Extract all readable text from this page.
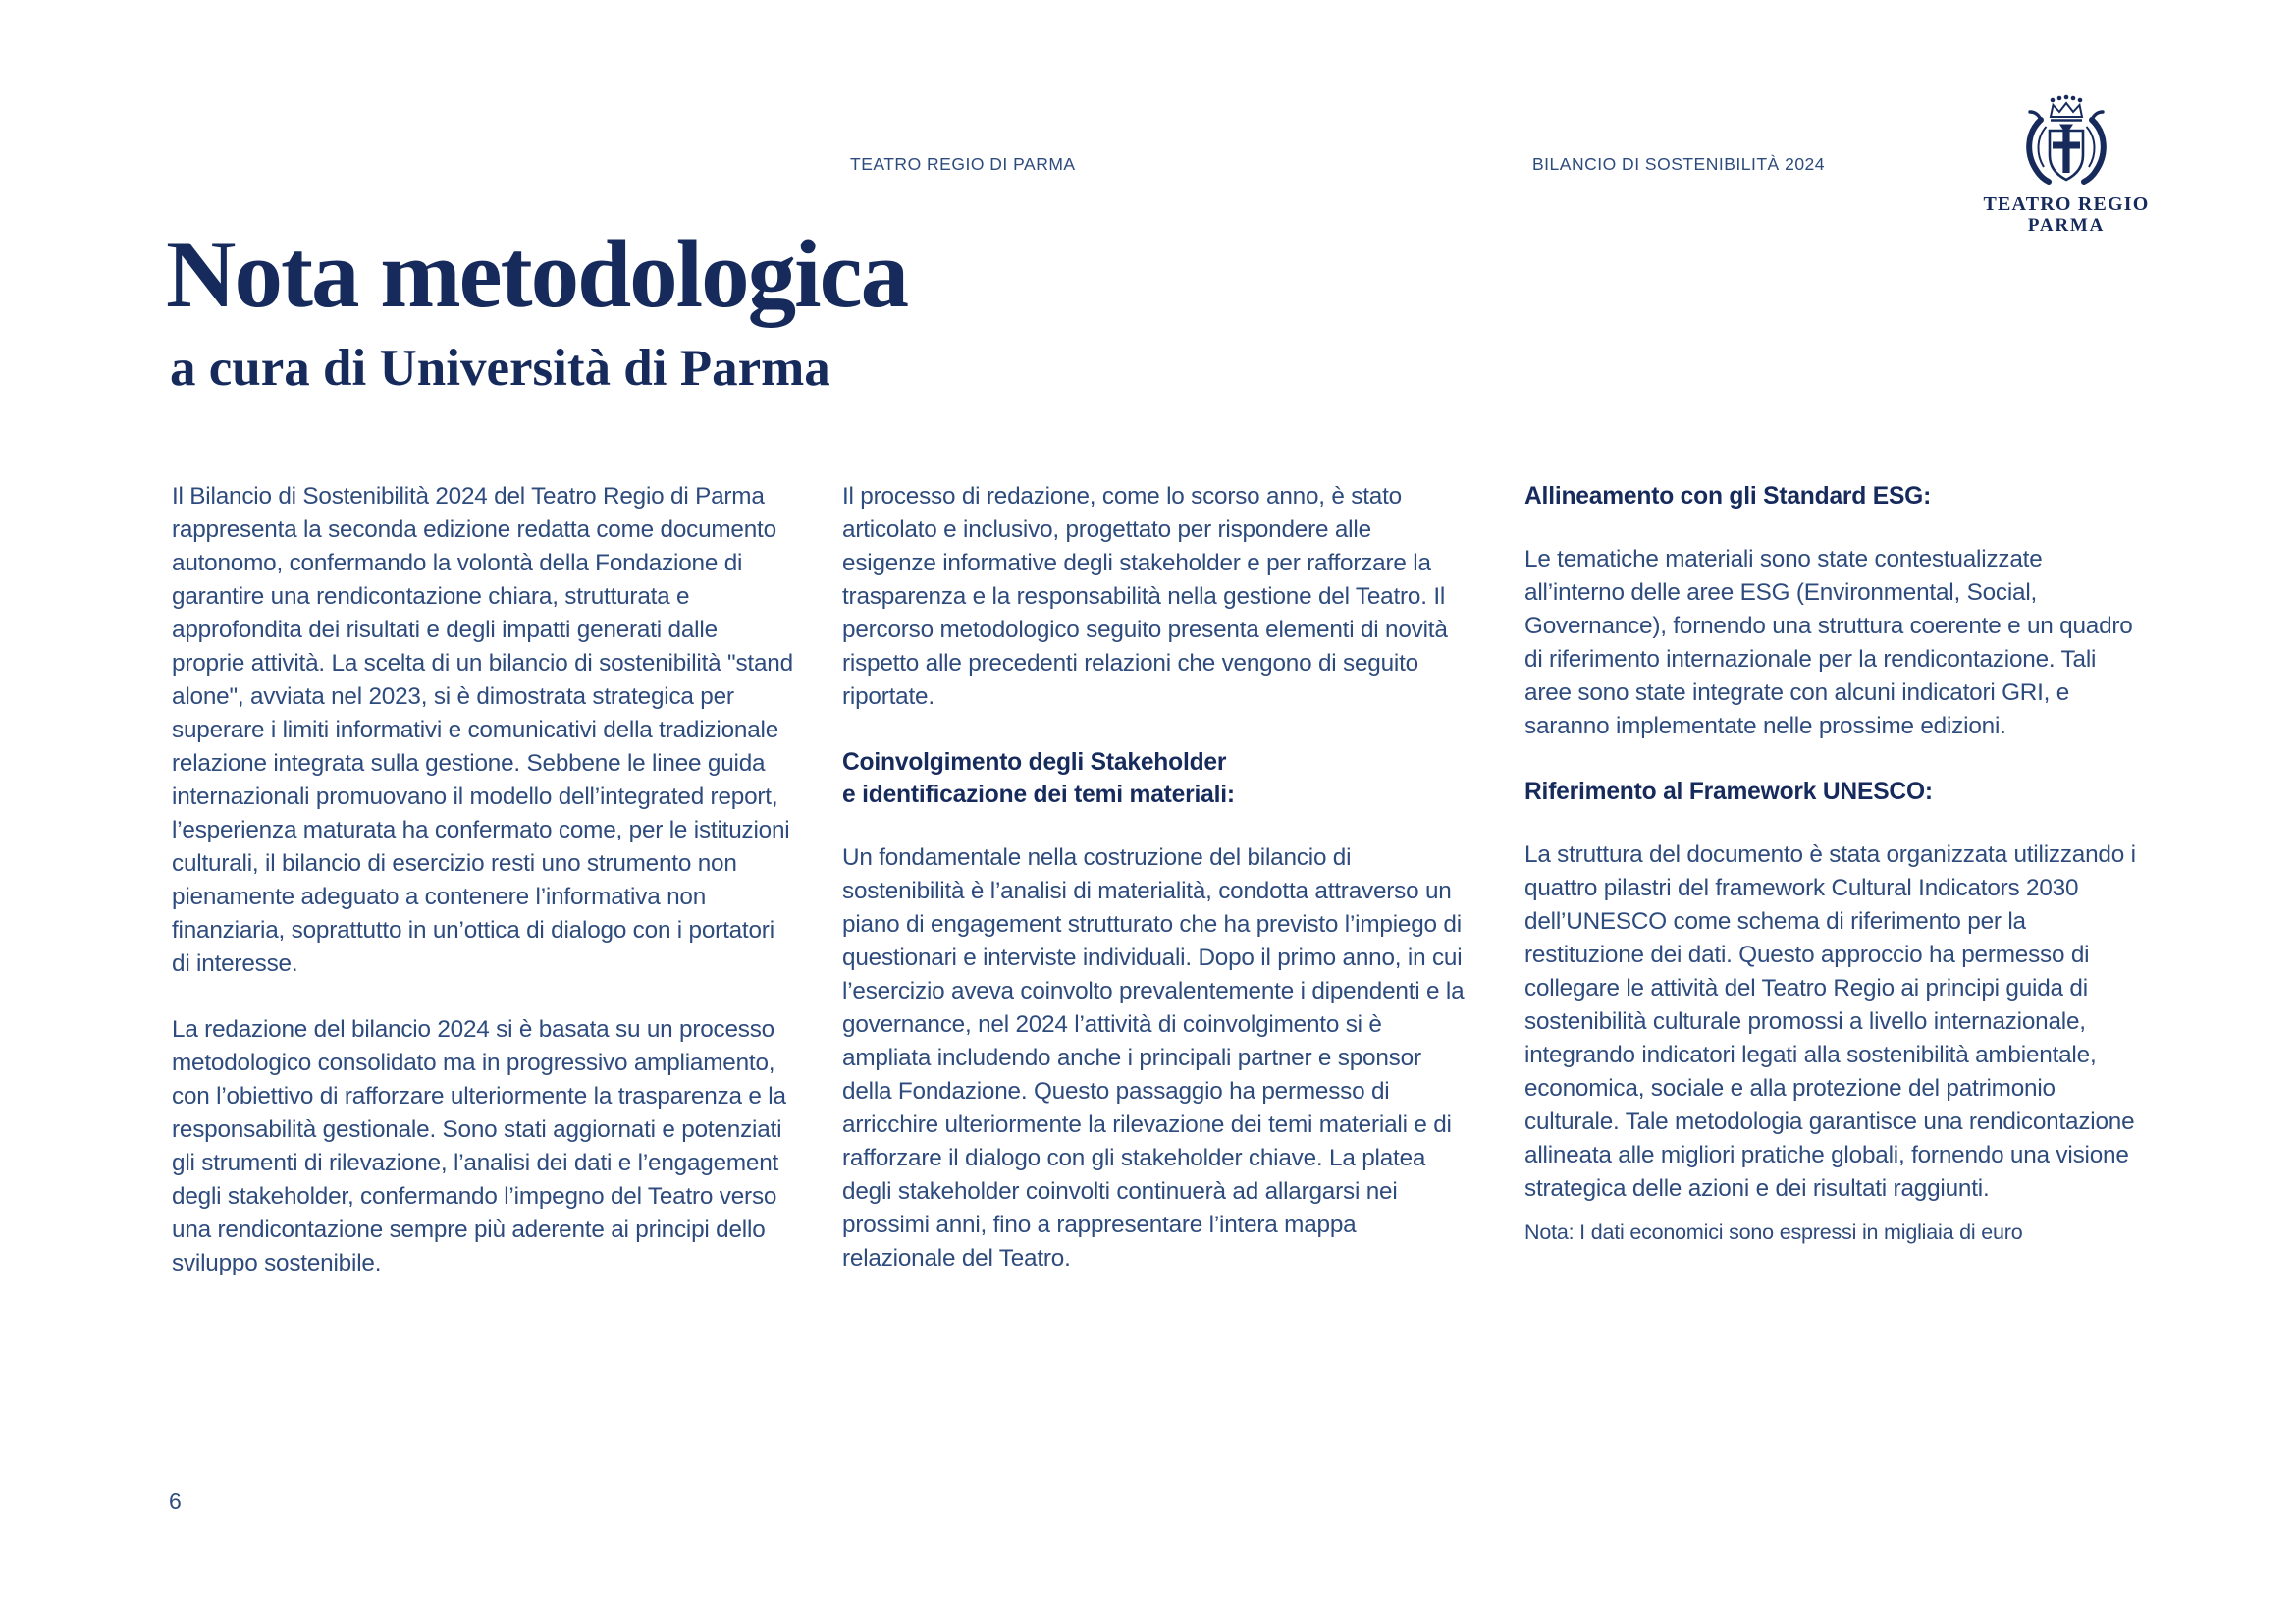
TEATRO REGIO DI PARMA	BILANCIO DI SOSTENIBILITÀ 2024
TEATRO REGIO
PARMA
Nota metodologica
a cura di Università di Parma

Il Bilancio di Sostenibilità 2024 del Teatro Regio di Parma rappresenta la seconda edizione redatta come documento autonomo, confermando la volontà della Fondazione di garantire una rendicontazione chiara, strutturata e approfondita dei risultati e degli impatti generati dalle proprie attività. La scelta di un bilancio di sostenibilità "stand alone", avviata nel 2023, si è dimostrata strategica per superare i limiti informativi e comunicativi della tradizionale relazione integrata sulla gestione. Sebbene le linee guida internazionali promuovano il modello dell’integrated report, l’esperienza maturata ha confermato come, per le istituzioni culturali, il bilancio di esercizio resti uno strumento non pienamente adeguato a contenere l’informativa non finanziaria, soprattutto in un’ottica di dialogo con i portatori di interesse.

La redazione del bilancio 2024 si è basata su un processo metodologico consolidato ma in progressivo ampliamento, con l’obiettivo di rafforzare ulteriormente la trasparenza e la responsabilità gestionale. Sono stati aggiornati e potenziati gli strumenti di rilevazione, l’analisi dei dati e l’engagement degli stakeholder, confermando l’impegno del Teatro verso una rendicontazione sempre più aderente ai principi dello sviluppo sostenibile.

Il processo di redazione, come lo scorso anno, è stato articolato e inclusivo, progettato per rispondere alle esigenze informative degli stakeholder e per rafforzare la trasparenza e la responsabilità nella gestione del Teatro. Il percorso metodologico seguito presenta elementi di novità rispetto alle precedenti relazioni che vengono di seguito riportate.

Coinvolgimento degli Stakeholder
e identificazione dei temi materiali:

Un fondamentale nella costruzione del bilancio di sostenibilità è l’analisi di materialità, condotta attraverso un piano di engagement strutturato che ha previsto l’impiego di questionari e interviste individuali. Dopo il primo anno, in cui l’esercizio aveva coinvolto prevalentemente i dipendenti e la governance, nel 2024 l’attività di coinvolgimento si è ampliata includendo anche i principali partner e sponsor della Fondazione. Questo passaggio ha permesso di arricchire ulteriormente la rilevazione dei temi materiali e di rafforzare il dialogo con gli stakeholder chiave. La platea degli stakeholder coinvolti continuerà ad allargarsi nei prossimi anni, fino a rappresentare l’intera mappa relazionale del Teatro.

Allineamento con gli Standard ESG:

Le tematiche materiali sono state contestualizzate all’interno delle aree ESG (Environmental, Social, Governance), fornendo una struttura coerente e un quadro di riferimento internazionale per la rendicontazione. Tali aree sono state integrate con alcuni indicatori GRI, e saranno implementate nelle prossime edizioni.

Riferimento al Framework UNESCO:

La struttura del documento è stata organizzata utilizzando i quattro pilastri del framework Cultural Indicators 2030 dell’UNESCO come schema di riferimento per la restituzione dei dati. Questo approccio ha permesso di collegare le attività del Teatro Regio ai principi guida di sostenibilità culturale promossi a livello internazionale, integrando indicatori legati alla sostenibilità ambientale, economica, sociale e alla protezione del patrimonio culturale. Tale metodologia garantisce una rendicontazione allineata alle migliori pratiche globali, fornendo una visione strategica delle azioni e dei risultati raggiunti.

Nota: I dati economici sono espressi in migliaia di euro
6
